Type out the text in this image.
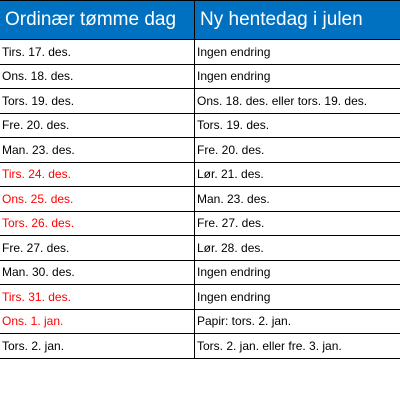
Ordinær tømme dag	Ny hentedag i julen
Tirs. 17. des.	Ingen endring
Ons. 18. des.	Ingen endring
Tors. 19. des.	Ons. 18. des. eller tors. 19. des.
Fre. 20. des.	Tors. 19. des.
Man. 23. des.	Fre. 20. des.
Tirs. 24. des.	Lør. 21. des.
Ons. 25. des.	Man. 23. des.
Tors. 26. des.	Fre. 27. des.
Fre. 27. des.	Lør. 28. des.
Man. 30. des.	Ingen endring
Tirs. 31. des.	Ingen endring
Ons. 1. jan.	Papir: tors. 2. jan.
Tors. 2. jan.	Tors. 2. jan. eller fre. 3. jan.
